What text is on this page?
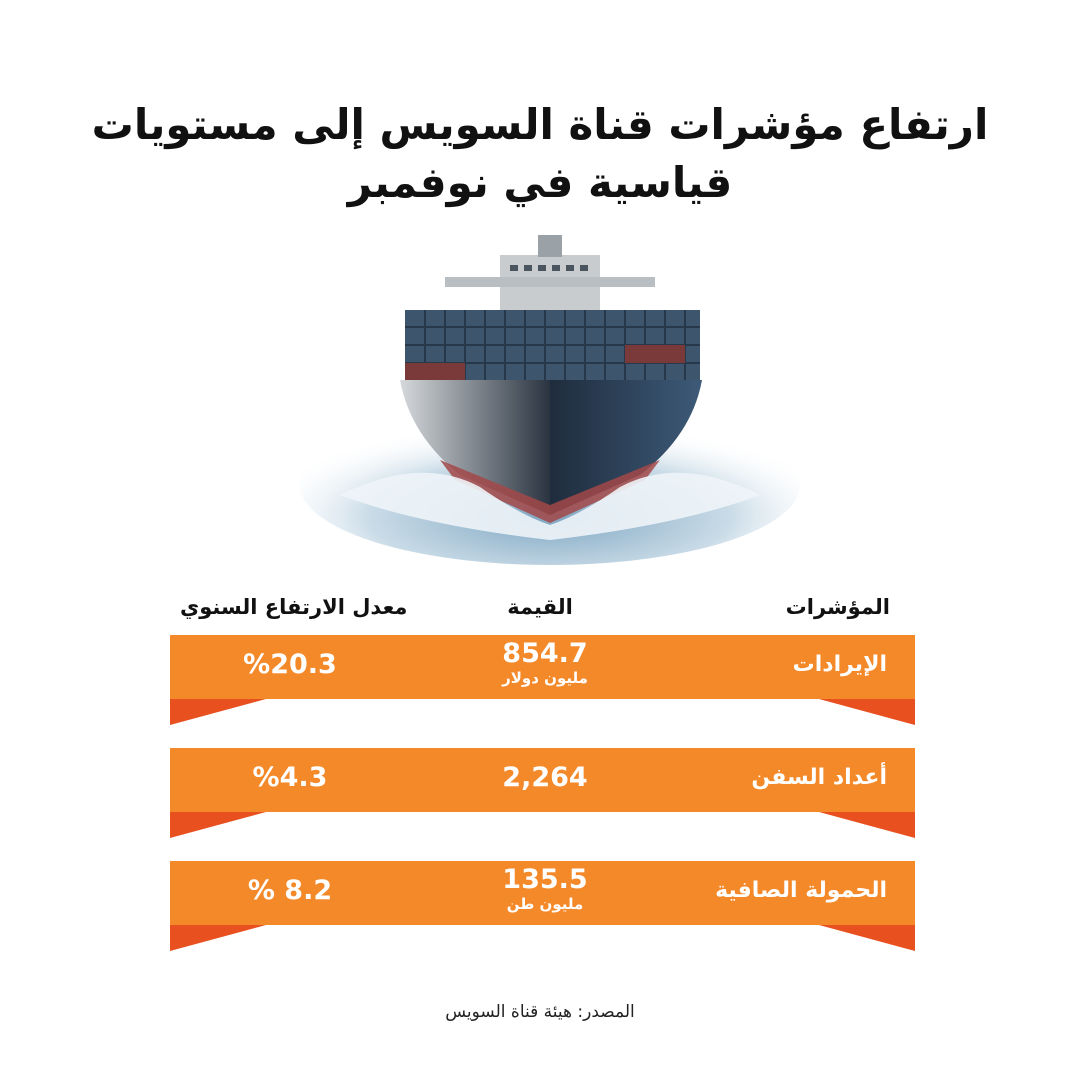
ارتفاع مؤشرات قناة السويس إلى مستويات
قياسية في نوفمبر
المؤشرات
القيمة
معدل الارتفاع السنوي
الإيرادات
854.7
مليون دولار
%20.3
أعداد السفن
2,264
%4.3
الحمولة الصافية
135.5
مليون طن
% 8.2
المصدر: هيئة قناة السويس
